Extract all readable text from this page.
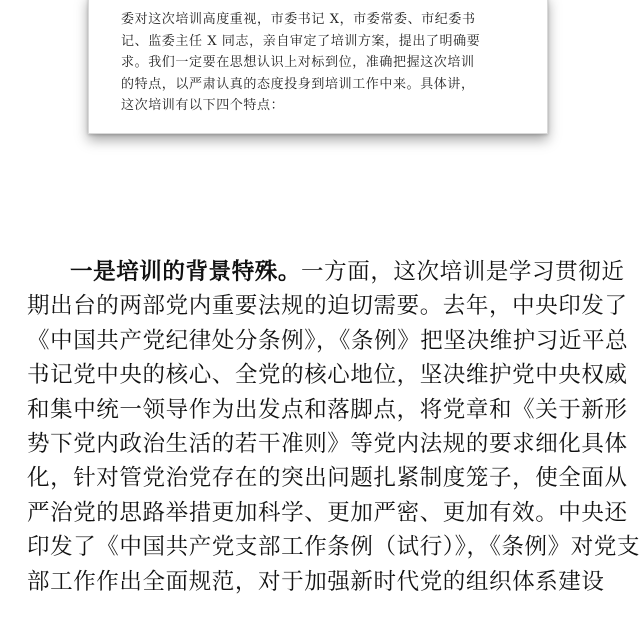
委对这次培训高度重视，市委书记 X，市委常委、市纪委书
记、监委主任 X 同志，亲自审定了培训方案，提出了明确要
求。我们一定要在思想认识上对标到位，准确把握这次培训
的特点，以严肃认真的态度投身到培训工作中来。具体讲，
这次培训有以下四个特点：
一是培训的背景特殊。一方面，这次培训是学习贯彻近
期出台的两部党内重要法规的迫切需要。去年，中央印发了
《中国共产党纪律处分条例》，《条例》把坚决维护习近平总
书记党中央的核心、全党的核心地位，坚决维护党中央权威
和集中统一领导作为出发点和落脚点，将党章和《关于新形
势下党内政治生活的若干准则》等党内法规的要求细化具体
化，针对管党治党存在的突出问题扎紧制度笼子，使全面从
严治党的思路举措更加科学、更加严密、更加有效。中央还
印发了《中国共产党支部工作条例（试行）》，《条例》对党支
部工作作出全面规范，对于加强新时代党的组织体系建设
